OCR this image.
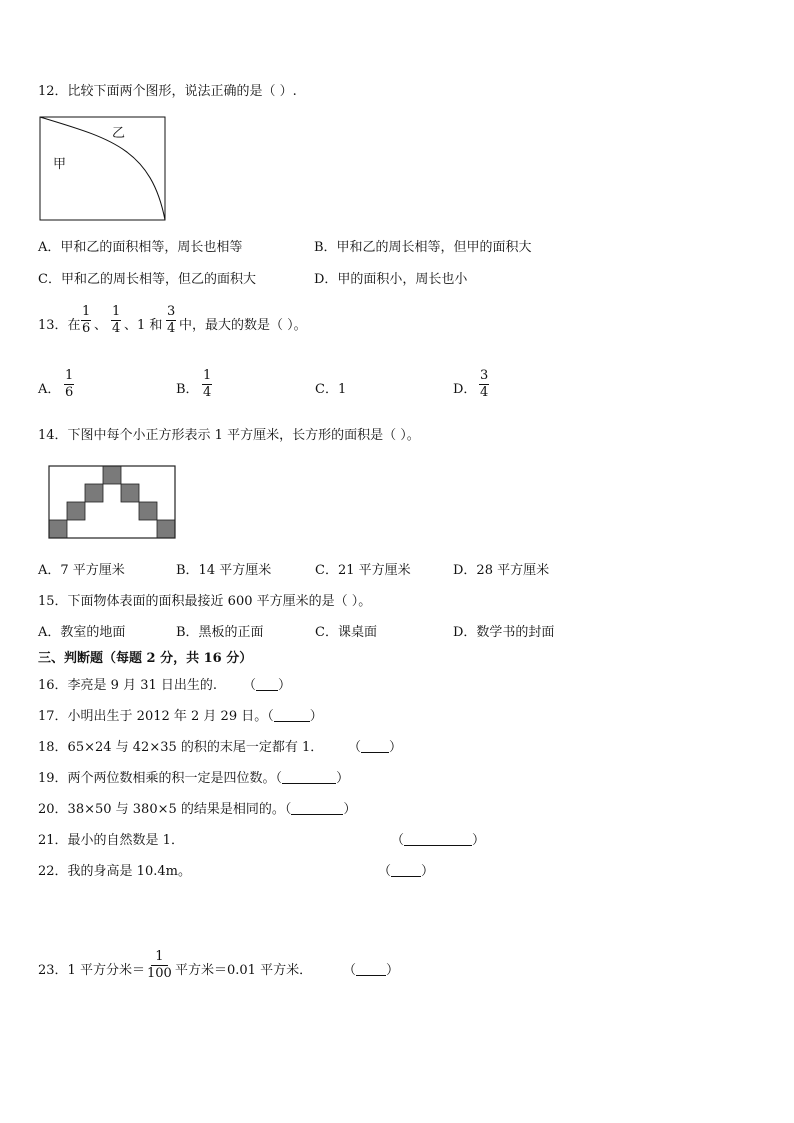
12．比较下面两个图形，说法正确的是（ ）.
乙
甲
A．甲和乙的面积相等，周长也相等	B．甲和乙的周长相等，但甲的面积大
C．甲和乙的周长相等，但乙的面积大	D．甲的面积小，周长也小
13．在 $\frac{1}{6}$ 、 $\frac{1}{4}$ 、1 和 $\frac{3}{4}$ 中，最大的数是（ ）。
A． $\frac{1}{6}$	B． $\frac{1}{4}$	C．1	D． $\frac{3}{4}$
14．下图中每个小正方形表示 1 平方厘米，长方形的面积是（ ）。
A．7 平方厘米	B．14 平方厘米	C．21 平方厘米	D．28 平方厘米
15．下面物体表面的面积最接近 600 平方厘米的是（ ）。
A．教室的地面	B．黑板的正面	C．课桌面	D．数学书的封面
三、判断题（每题 2 分，共 16 分）
16．李亮是 9 月 31 日出生的. （ ）
17．小明出生于 2012 年 2 月 29 日。（	）
18．65×24 与 42×35 的积的末尾一定都有 1． （ ）
19．两个两位数相乘的积一定是四位数。（	）
20．38×50 与 380×5 的结果是相同的。（	）
21．最小的自然数是 1．	（	）
22．我的身高是 10.4m。	（ ）
23．1 平方分米＝ $\frac{1}{100}$ 平方米＝0.01 平方米． （ ）
